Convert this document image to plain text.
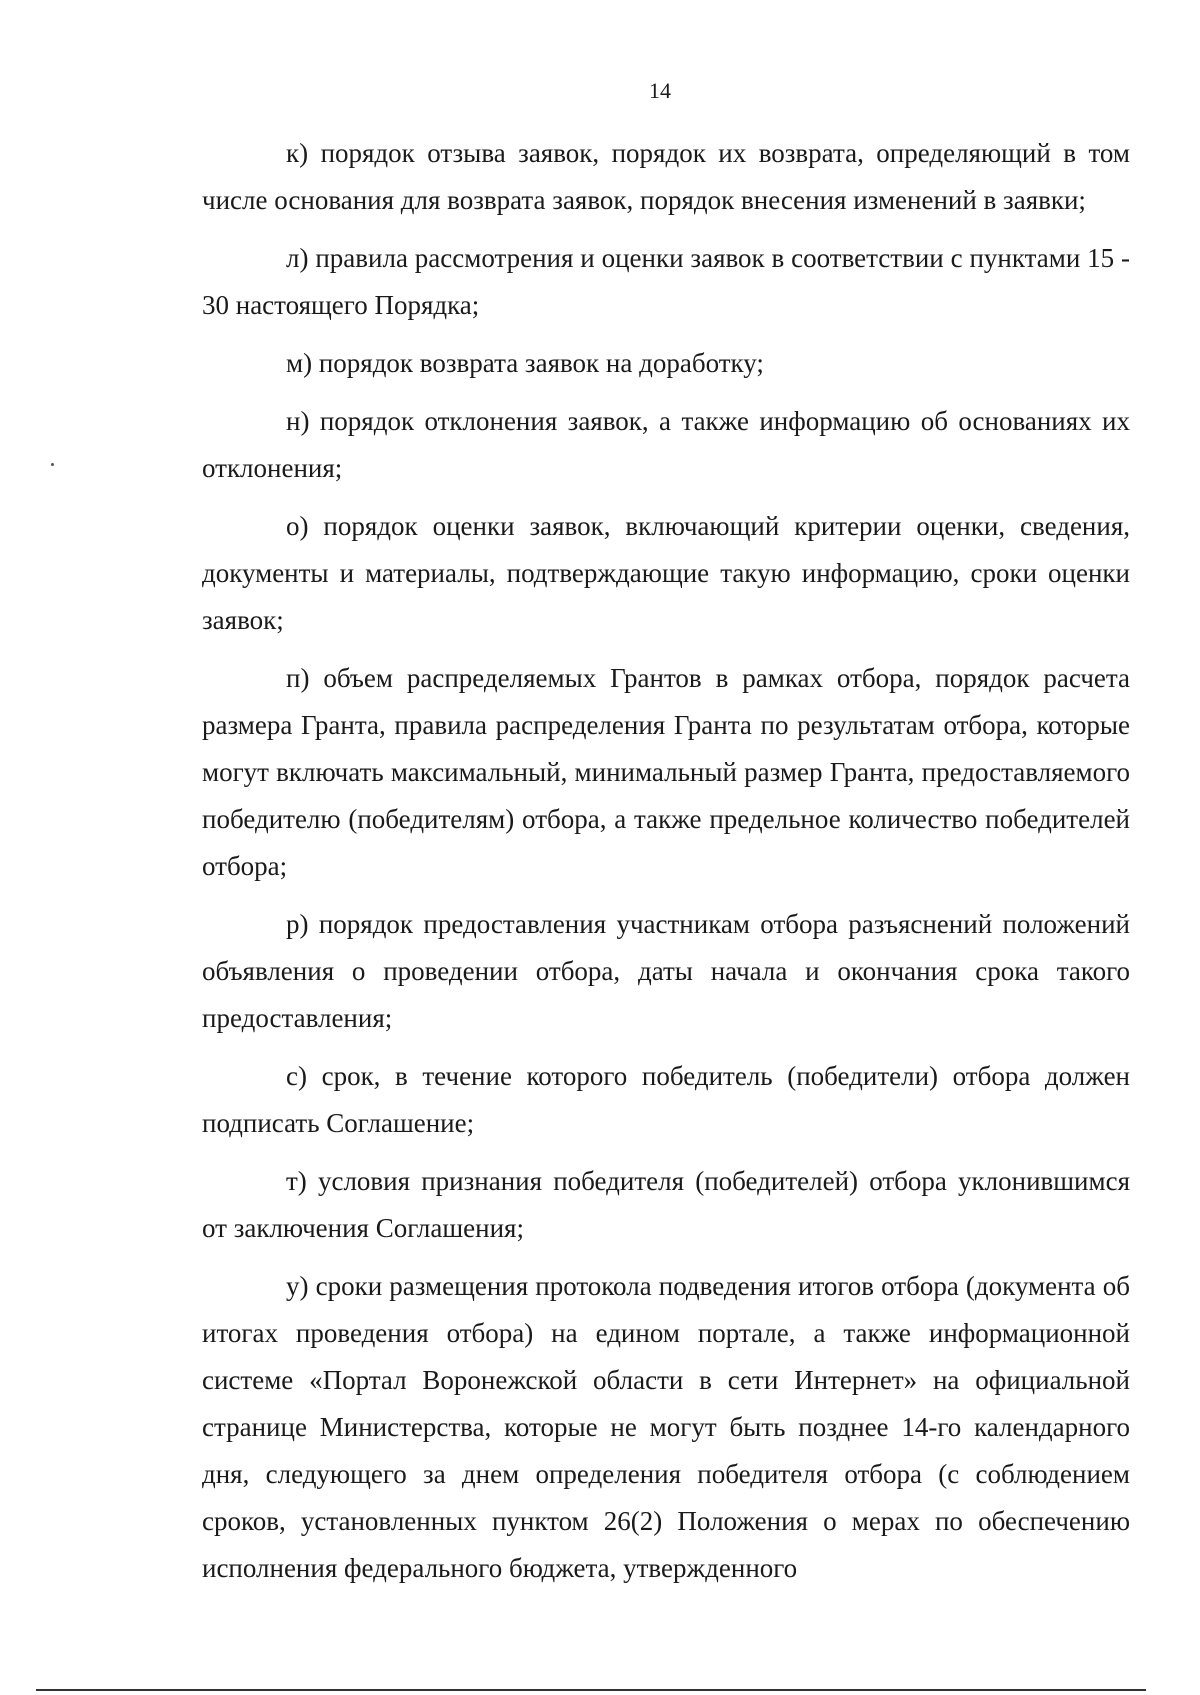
14

к) порядок отзыва заявок, порядок их возврата, определяющий в том числе основания для возврата заявок, порядок внесения изменений в заявки;

л) правила рассмотрения и оценки заявок в соответствии с пунктами 15 - 30 настоящего Порядка;

м) порядок возврата заявок на доработку;

н) порядок отклонения заявок, а также информацию об основаниях их отклонения;

о) порядок оценки заявок, включающий критерии оценки, сведения, документы и материалы, подтверждающие такую информацию, сроки оценки заявок;

п) объем распределяемых Грантов в рамках отбора, порядок расчета размера Гранта, правила распределения Гранта по результатам отбора, которые могут включать максимальный, минимальный размер Гранта, предоставляемого победителю (победителям) отбора, а также предельное количество победителей отбора;

р) порядок предоставления участникам отбора разъяснений положений объявления о проведении отбора, даты начала и окончания срока такого предоставления;

с) срок, в течение которого победитель (победители) отбора должен подписать Соглашение;

т) условия признания победителя (победителей) отбора уклонившимся от заключения Соглашения;

у) сроки размещения протокола подведения итогов отбора (документа об итогах проведения отбора) на едином портале, а также информационной системе «Портал Воронежской области в сети Интернет» на официальной странице Министерства, которые не могут быть позднее 14-го календарного дня, следующего за днем определения победителя отбора (с соблюдением сроков, установленных пунктом 26(2) Положения о мерах по обеспечению исполнения федерального бюджета, утвержденного
